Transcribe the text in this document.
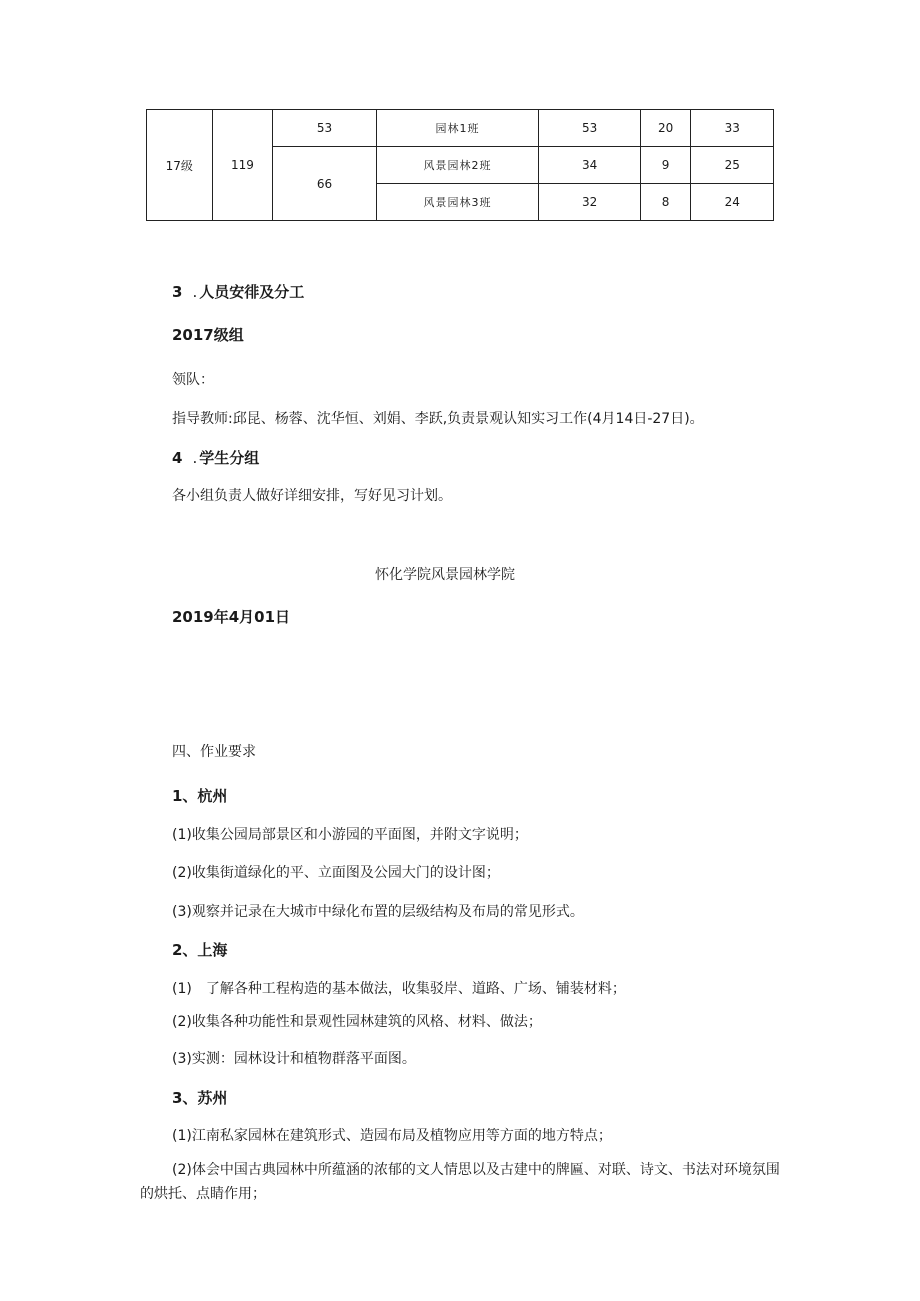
17级	119	53	园林1班	53	20	33
		66	风景园林2班	34	9	25
			风景园林3班	32	8	24
3 . 人员安徘及分工
2017级组
领队：
指导教师:邱昆、杨蓉、沈华恒、刘娟、李跃,负责景观认知实习工作(4月14日-27日)。
4 . 学生分组
各小组负责人做好详细安排，写好见习计划。
怀化学院风景园林学院
2019年4月01日
四、作业要求
1、杭州
(1)收集公园局部景区和小游园的平面图，并附文字说明；
(2)收集街道绿化的平、立面图及公园大门的设计图；
(3)观察并记录在大城市中绿化布置的层级结构及布局的常见形式。
2、上海
(1)　了解各种工程构造的基本做法，收集驳岸、道路、广场、铺装材料；
(2)收集各种功能性和景观性园林建筑的风格、材料、做法；
(3)实测：园林设计和植物群落平面图。
3、苏州
(1)江南私家园林在建筑形式、造园布局及植物应用等方面的地方特点；
(2)体会中国古典园林中所蕴涵的浓郁的文人情思以及古建中的牌匾、对联、诗文、书法对环境氛围的烘托、点睛作用；
